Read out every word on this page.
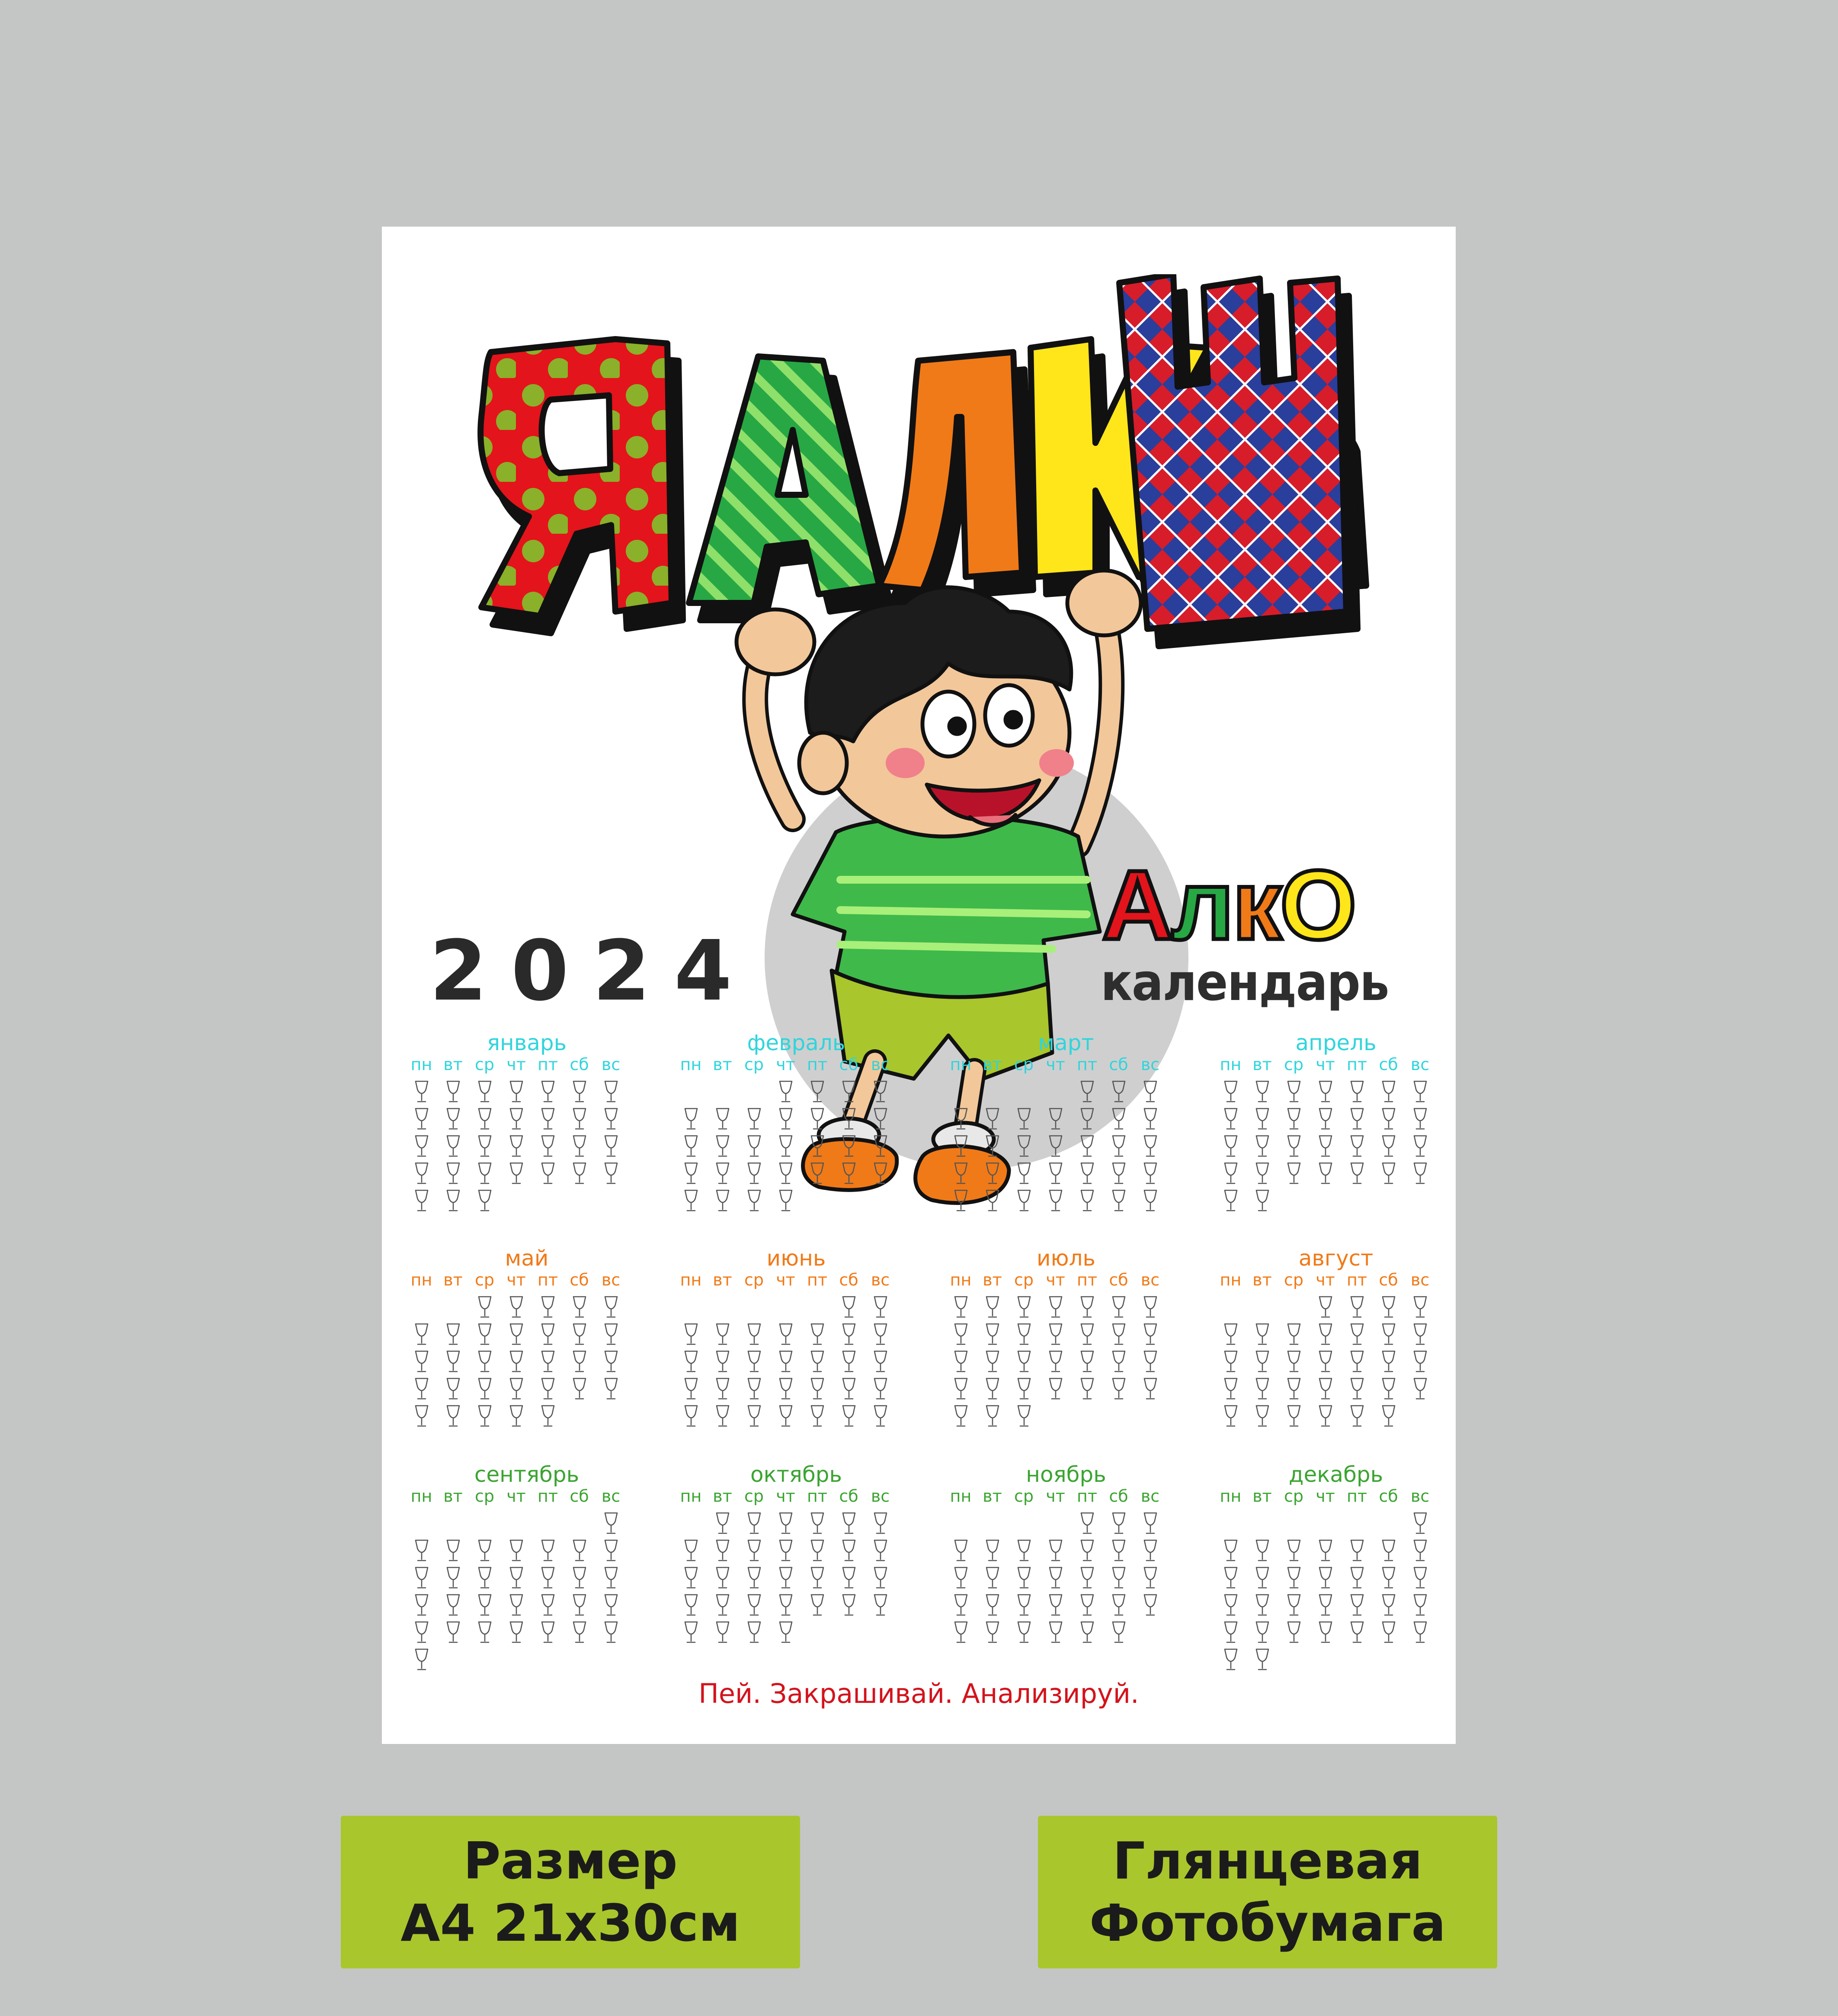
2024
АлкО
календарь
январь
пн вт ср чт пт сб вс
февраль
пн вт ср чт пт сб вс
март
пн вт ср чт пт сб вс
апрель
пн вт ср чт пт сб вс
май
пн вт ср чт пт сб вс
июнь
пн вт ср чт пт сб вс
июль
пн вт ср чт пт сб вс
август
пн вт ср чт пт сб вс
сентябрь
пн вт ср чт пт сб вс
октябрь
пн вт ср чт пт сб вс
ноябрь
пн вт ср чт пт сб вс
декабрь
пн вт ср чт пт сб вс
Пей. Закрашивай. Анализируй.
Размер
А4 21х30см
Глянцевая
Фотобумага
